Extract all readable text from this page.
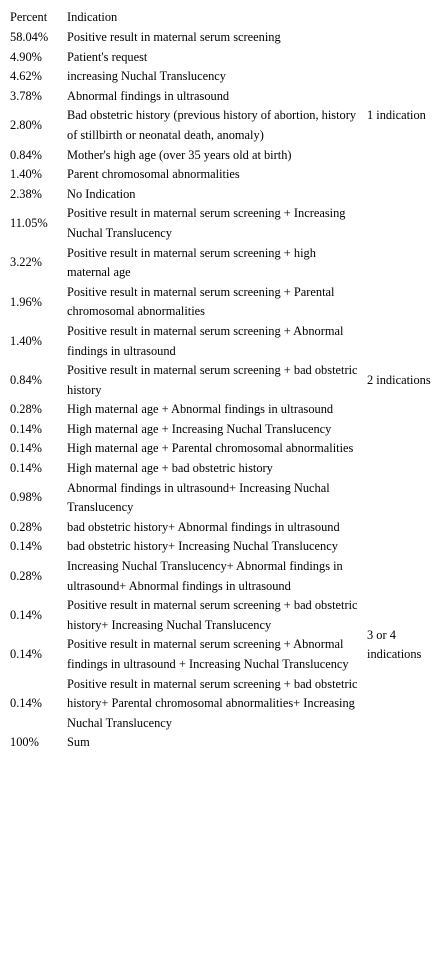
Percent	Indication	
58.04%	Positive result in maternal serum screening	1 indication
4.90%	Patient's request	
4.62%	increasing Nuchal Translucency	
3.78%	Abnormal findings in ultrasound	
2.80%	Bad obstetric history (previous history of abortion, history of stillbirth or neonatal death, anomaly)	
0.84%	Mother's high age (over 35 years old at birth)	
1.40%	Parent chromosomal abnormalities	
2.38%	No Indication	
11.05%	Positive result in maternal serum screening + Increasing Nuchal Translucency	2 indications
3.22%	Positive result in maternal serum screening + high maternal age	
1.96%	Positive result in maternal serum screening + Parental chromosomal abnormalities	
1.40%	Positive result in maternal serum screening + Abnormal findings in ultrasound	
0.84%	Positive result in maternal serum screening + bad obstetric history	
0.28%	High maternal age + Abnormal findings in ultrasound	
0.14%	High maternal age + Increasing Nuchal Translucency	
0.14%	High maternal age + Parental chromosomal abnormalities	
0.14%	High maternal age + bad obstetric history	
0.98%	Abnormal findings in ultrasound+ Increasing Nuchal Translucency	
0.28%	bad obstetric history+ Abnormal findings in ultrasound	
0.14%	bad obstetric history+ Increasing Nuchal Translucency	
0.28%	Increasing Nuchal Translucency+ Abnormal findings in ultrasound+ Abnormal findings in ultrasound	3 or 4 indications
0.14%	Positive result in maternal serum screening + bad obstetric history+ Increasing Nuchal Translucency	
0.14%	Positive result in maternal serum screening + Abnormal findings in ultrasound + Increasing Nuchal Translucency	
0.14%	Positive result in maternal serum screening + bad obstetric history+ Parental chromosomal abnormalities+ Increasing Nuchal Translucency	
100%	Sum	
